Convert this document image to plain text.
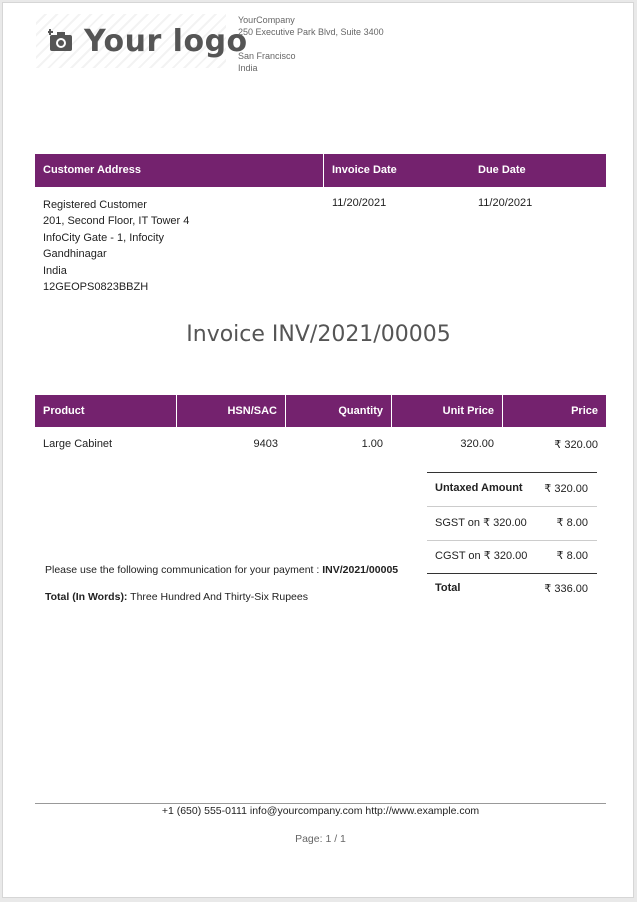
Your logo
YourCompany
250 Executive Park Blvd, Suite 3400
San Francisco
India
Customer Address	Invoice Date	Due Date
Registered Customer
201, Second Floor, IT Tower 4
InfoCity Gate - 1, Infocity
Gandhinagar
India
12GEOPS0823BBZH
11/20/2021	11/20/2021
Invoice INV/2021/00005
Product	HSN/SAC	Quantity	Unit Price	Price
Large Cabinet	9403	1.00	320.00	₹ 320.00
Untaxed Amount	₹ 320.00
SGST on ₹ 320.00	₹ 8.00
CGST on ₹ 320.00	₹ 8.00
Total	₹ 336.00
Please use the following communication for your payment : INV/2021/00005
Total (In Words): Three Hundred And Thirty-Six Rupees
+1 (650) 555-0111 info@yourcompany.com http://www.example.com
Page: 1 / 1
